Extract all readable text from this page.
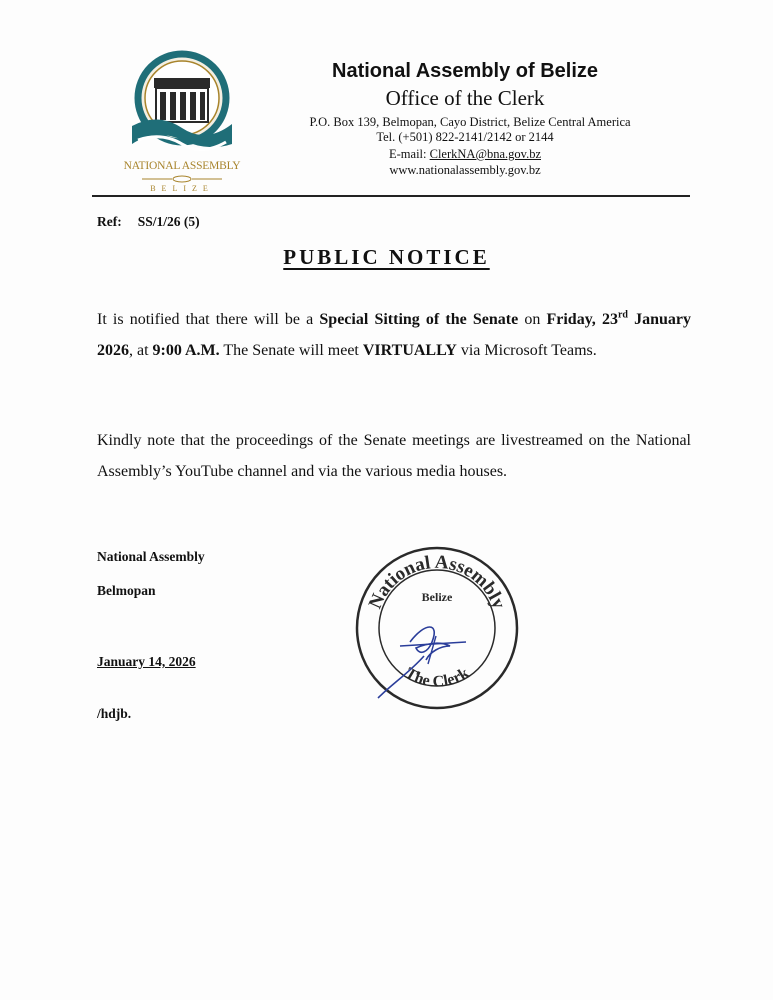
NATIONAL ASSEMBLY
BELIZE
National Assembly of Belize
Office of the Clerk
P.O. Box 139, Belmopan, Cayo District, Belize Central America
Tel. (+501) 822-2141/2142 or 2144
E-mail: ClerkNA@bna.gov.bz
www.nationalassembly.gov.bz
Ref: SS/1/26 (5)
PUBLIC NOTICE
It is notified that there will be a Special Sitting of the Senate on Friday, 23rd January 2026, at 9:00 A.M. The Senate will meet VIRTUALLY via Microsoft Teams.
Kindly note that the proceedings of the Senate meetings are livestreamed on the National Assembly’s YouTube channel and via the various media houses.
National Assembly
Belmopan
January 14, 2026
/hdjb.
National Assembly
Belize
The Clerk
